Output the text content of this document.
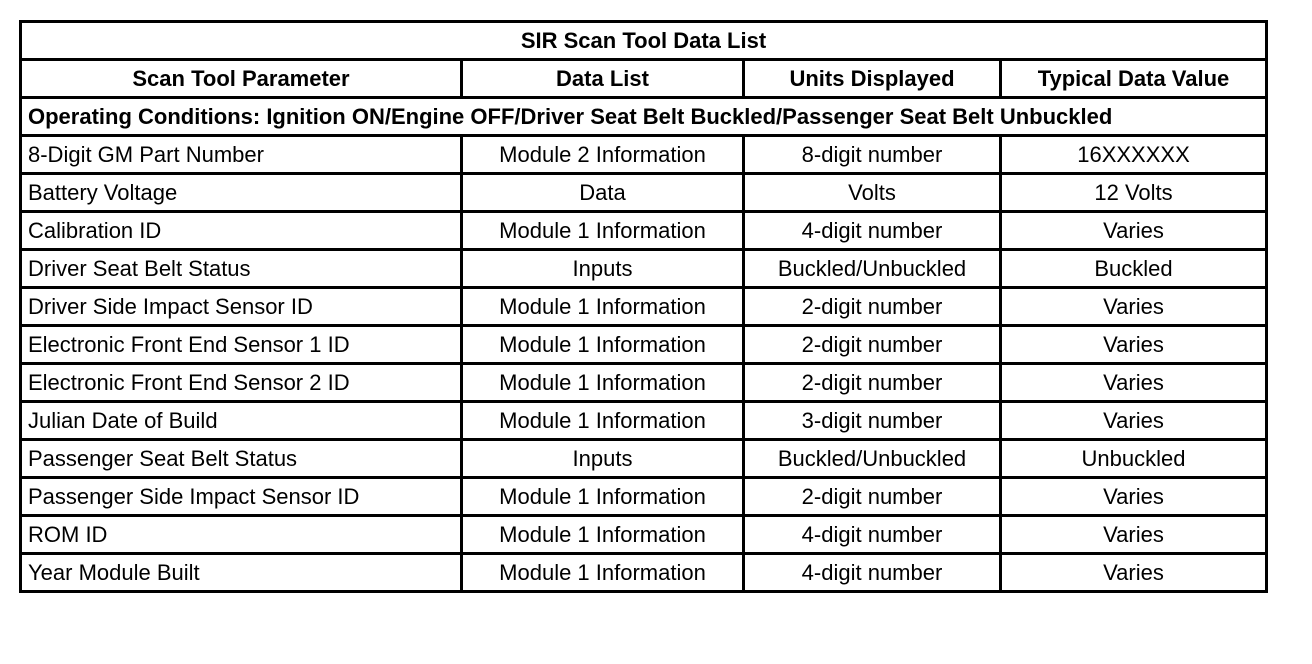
SIR Scan Tool Data List			
Scan Tool Parameter	Data List	Units Displayed	Typical Data Value
Operating Conditions: Ignition ON/Engine OFF/Driver Seat Belt Buckled/Passenger Seat Belt Unbuckled			
8-Digit GM Part Number	Module 2 Information	8-digit number	16XXXXXX
Battery Voltage	Data	Volts	12 Volts
Calibration ID	Module 1 Information	4-digit number	Varies
Driver Seat Belt Status	Inputs	Buckled/Unbuckled	Buckled
Driver Side Impact Sensor ID	Module 1 Information	2-digit number	Varies
Electronic Front End Sensor 1 ID	Module 1 Information	2-digit number	Varies
Electronic Front End Sensor 2 ID	Module 1 Information	2-digit number	Varies
Julian Date of Build	Module 1 Information	3-digit number	Varies
Passenger Seat Belt Status	Inputs	Buckled/Unbuckled	Unbuckled
Passenger Side Impact Sensor ID	Module 1 Information	2-digit number	Varies
ROM ID	Module 1 Information	4-digit number	Varies
Year Module Built	Module 1 Information	4-digit number	Varies
